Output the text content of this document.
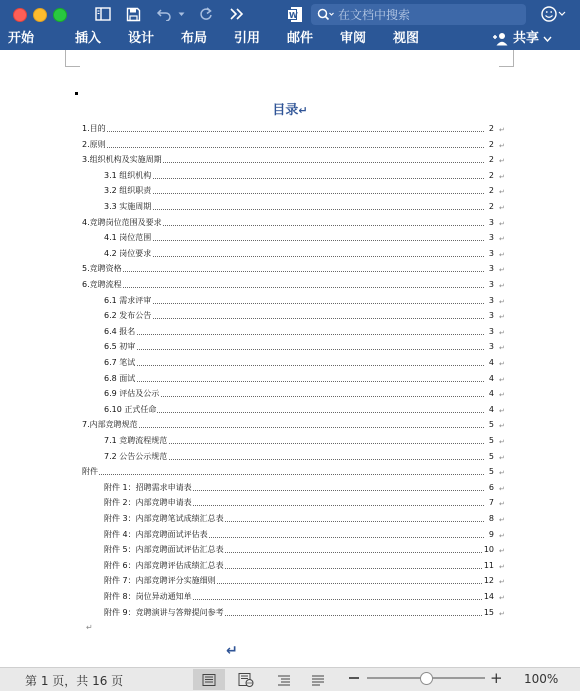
W	在文档中搜索
开始	插入 设计 布局 引用 邮件 审阅 视图	共享
目录↵
1.目的	2 ↵
2.原则	2 ↵
3.组织机构及实施周期	2 ↵
3.1 组织机构	2 ↵
3.2 组织职责	2 ↵
3.3 实施周期	2 ↵
4.竞聘岗位范围及要求	3 ↵
4.1 岗位范围	3 ↵
4.2 岗位要求	3 ↵
5.竞聘资格	3 ↵
6.竞聘流程	3 ↵
6.1 需求评审	3 ↵
6.2 发布公告	3 ↵
6.4 报名	3 ↵
6.5 初审	3 ↵
6.7 笔试	4 ↵
6.8 面试	4 ↵
6.9 评估及公示	4 ↵
6.10 正式任命	4 ↵
7.内部竞聘规范	5 ↵
7.1 竞聘流程规范	5 ↵
7.2 公告公示规范	5 ↵
附件	5 ↵
附件 1：招聘需求申请表	6 ↵
附件 2：内部竞聘申请表	7 ↵
附件 3：内部竞聘笔试成绩汇总表	8 ↵
附件 4：内部竞聘面试评估表	9 ↵
附件 5：内部竞聘面试评估汇总表	10 ↵
附件 6：内部竞聘评估成绩汇总表	11 ↵
附件 7：内部竞聘评分实施细则	12 ↵
附件 8：岗位异动通知单	14 ↵
附件 9：竞聘演讲与答辩提问参考	15 ↵
↵
↵
第 1 页，共 16 页	+ 100%
